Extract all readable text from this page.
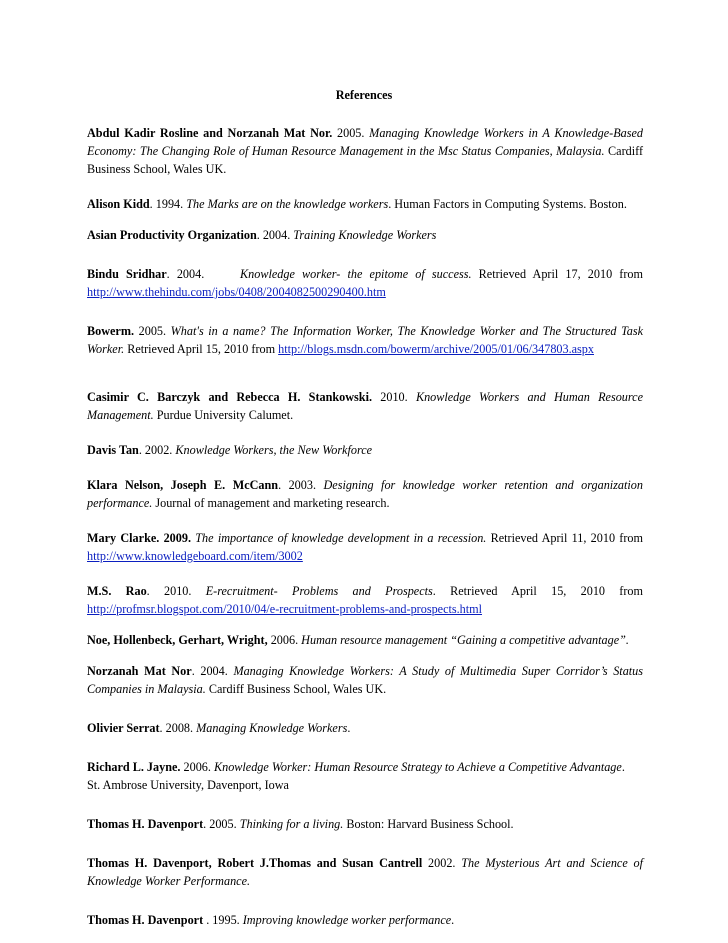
References

Abdul Kadir Rosline and Norzanah Mat Nor. 2005. Managing Knowledge Workers in A Knowledge-Based Economy: The Changing Role of Human Resource Management in the Msc Status Companies, Malaysia. Cardiff Business School, Wales UK.

Alison Kidd. 1994. The Marks are on the knowledge workers. Human Factors in Computing Systems. Boston.

Asian Productivity Organization. 2004. Training Knowledge Workers

Bindu Sridhar. 2004.     Knowledge worker- the epitome of success. Retrieved April 17, 2010 from http://www.thehindu.com/jobs/0408/2004082500290400.htm

Bowerm. 2005. What's in a name? The Information Worker, The Knowledge Worker and The Structured Task Worker. Retrieved April 15, 2010 from http://blogs.msdn.com/bowerm/archive/2005/01/06/347803.aspx

Casimir C. Barczyk and Rebecca H. Stankowski. 2010. Knowledge Workers and Human Resource Management. Purdue University Calumet.

Davis Tan. 2002. Knowledge Workers, the New Workforce

Klara Nelson, Joseph E. McCann. 2003. Designing for knowledge worker retention and organization performance. Journal of management and marketing research.

Mary Clarke. 2009. The importance of knowledge development in a recession. Retrieved April 11, 2010 from http://www.knowledgeboard.com/item/3002

M.S. Rao. 2010. E-recruitment- Problems and Prospects. Retrieved April 15, 2010 from http://profmsr.blogspot.com/2010/04/e-recruitment-problems-and-prospects.html

Noe, Hollenbeck, Gerhart, Wright, 2006. Human resource management “Gaining a competitive advantage”.

Norzanah Mat Nor. 2004. Managing Knowledge Workers: A Study of Multimedia Super Corridor’s Status Companies in Malaysia. Cardiff Business School, Wales UK.

Olivier Serrat. 2008. Managing Knowledge Workers.

Richard L. Jayne. 2006. Knowledge Worker: Human Resource Strategy to Achieve a Competitive Advantage.
St. Ambrose University, Davenport, Iowa

Thomas H. Davenport. 2005. Thinking for a living. Boston: Harvard Business School.

Thomas H. Davenport, Robert J.Thomas and Susan Cantrell 2002. The Mysterious Art and Science of Knowledge Worker Performance.

Thomas H. Davenport . 1995. Improving knowledge worker performance.
